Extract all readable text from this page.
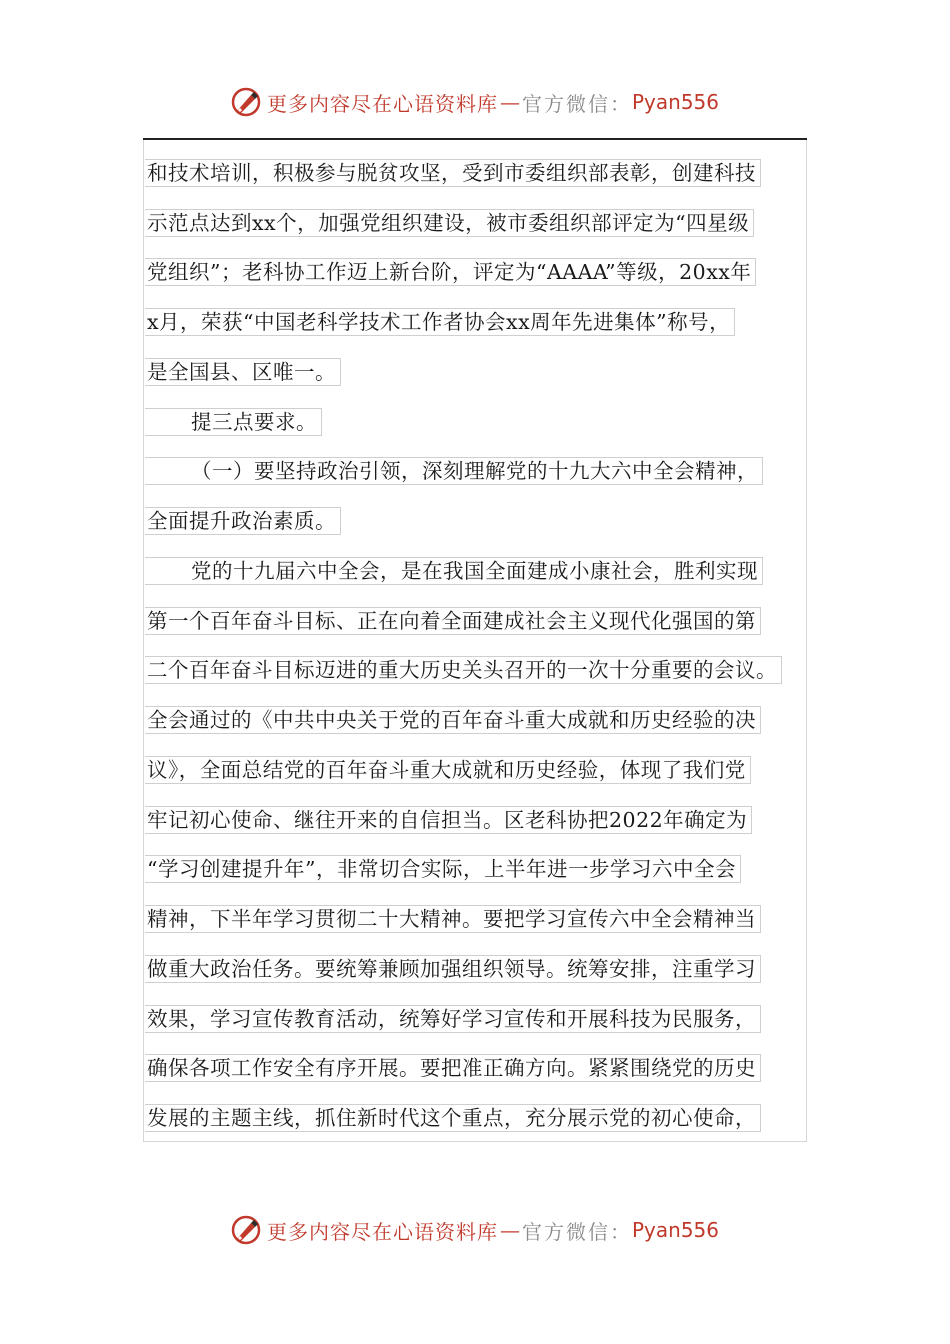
更多内容尽在心语资料库 — 官方微信： Pyan556
和技术培训，积极参与脱贫攻坚，受到市委组织部表彰，创建科技
示范点达到xx个，加强党组织建设，被市委组织部评定为“四星级
党组织”；老科协工作迈上新台阶，评定为“AAAA”等级，20xx年
x月，荣获“中国老科学技术工作者协会xx周年先进集体”称号，
是全国县、区唯一。
提三点要求。
（一）要坚持政治引领，深刻理解党的十九大六中全会精神，
全面提升政治素质。
党的十九届六中全会，是在我国全面建成小康社会，胜利实现
第一个百年奋斗目标、正在向着全面建成社会主义现代化强国的第
二个百年奋斗目标迈进的重大历史关头召开的一次十分重要的会议。
全会通过的《中共中央关于党的百年奋斗重大成就和历史经验的决
议》，全面总结党的百年奋斗重大成就和历史经验，体现了我们党
牢记初心使命、继往开来的自信担当。区老科协把2022年确定为
“学习创建提升年”，非常切合实际，上半年进一步学习六中全会
精神，下半年学习贯彻二十大精神。要把学习宣传六中全会精神当
做重大政治任务。要统筹兼顾加强组织领导。统筹安排，注重学习
效果，学习宣传教育活动，统筹好学习宣传和开展科技为民服务，
确保各项工作安全有序开展。要把准正确方向。紧紧围绕党的历史
发展的主题主线，抓住新时代这个重点，充分展示党的初心使命，
更多内容尽在心语资料库 — 官方微信： Pyan556
